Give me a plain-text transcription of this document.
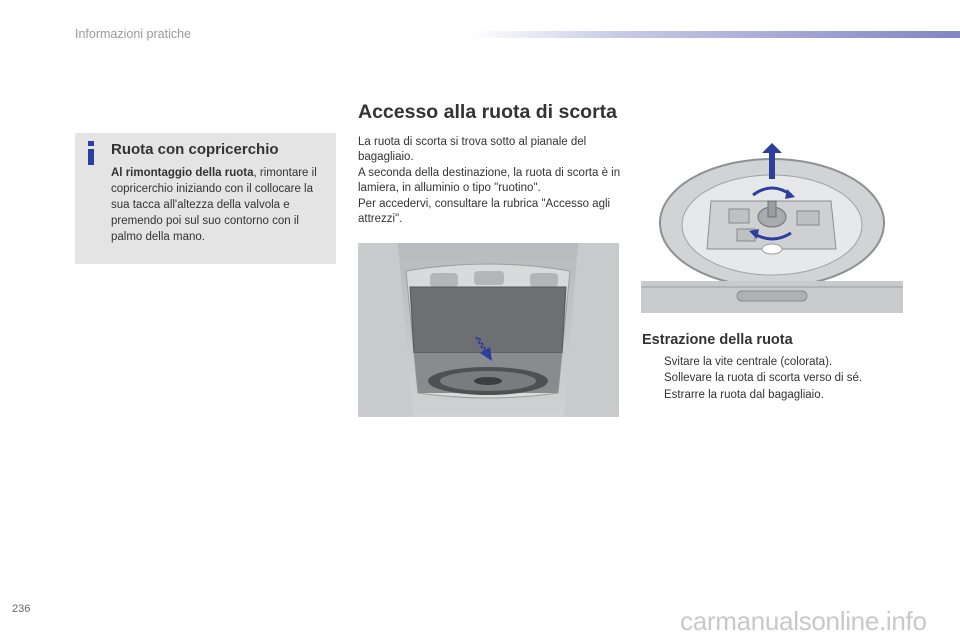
Informazioni pratiche
Ruota con copricerchio
Al rimontaggio della ruota, rimontare il copricerchio iniziando con il collocare la sua tacca all'altezza della valvola e premendo poi sul suo contorno con il palmo della mano.
Accesso alla ruota di scorta

La ruota di scorta si trova sotto al pianale del bagagliaio.

A seconda della destinazione, la ruota di scorta è in lamiera, in alluminio o tipo "ruotino".

Per accedervi, consultare la rubrica "Accesso agli attrezzi".

Estrazione della ruota
Svitare la vite centrale (colorata).
Sollevare la ruota di scorta verso di sé.
Estrarre la ruota dal bagagliaio.
236	carmanualsonline.info
